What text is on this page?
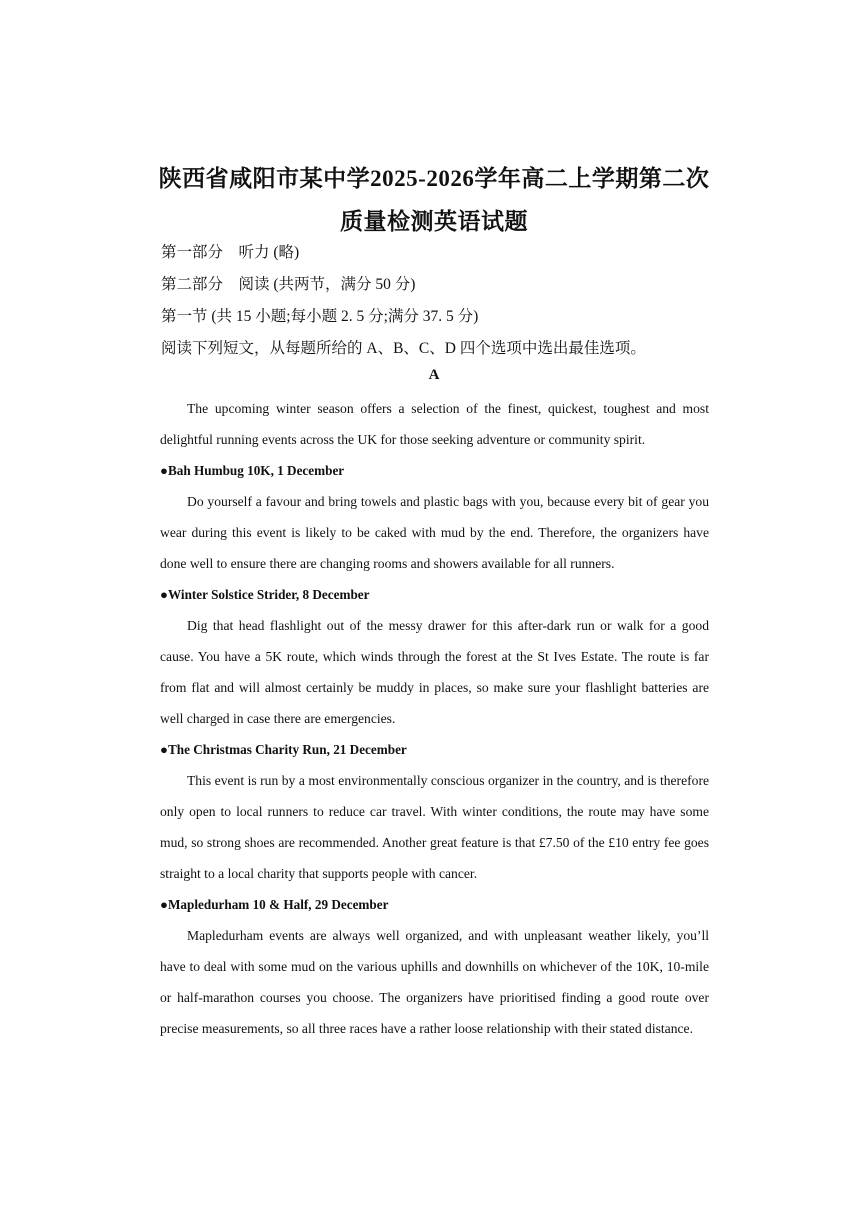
陕西省咸阳市某中学2025-2026学年高二上学期第二次
质量检测英语试题
第一部分　听力 (略)
第二部分　阅读 (共两节，满分 50 分)
第一节 (共 15 小题;每小题 2. 5 分;满分 37. 5 分)
阅读下列短文，从每题所给的 A、B、C、D 四个选项中选出最佳选项。
A

The upcoming winter season offers a selection of the finest, quickest, toughest and most delightful running events across the UK for those seeking adventure or community spirit.

●Bah Humbug 10K, 1 December

Do yourself a favour and bring towels and plastic bags with you, because every bit of gear you wear during this event is likely to be caked with mud by the end. Therefore, the organizers have done well to ensure there are changing rooms and showers available for all runners.

●Winter Solstice Strider, 8 December

Dig that head flashlight out of the messy drawer for this after-dark run or walk for a good cause. You have a 5K route, which winds through the forest at the St Ives Estate. The route is far from flat and will almost certainly be muddy in places, so make sure your flashlight batteries are well charged in case there are emergencies.

●The Christmas Charity Run, 21 December

This event is run by a most environmentally conscious organizer in the country, and is therefore only open to local runners to reduce car travel. With winter conditions, the route may have some mud, so strong shoes are recommended. Another great feature is that £7.50 of the £10 entry fee goes straight to a local charity that supports people with cancer.

●Mapledurham 10 & Half, 29 December

Mapledurham events are always well organized, and with unpleasant weather likely, you’ll have to deal with some mud on the various uphills and downhills on whichever of the 10K, 10-mile or half-marathon courses you choose. The organizers have prioritised finding a good route over precise measurements, so all three races have a rather loose relationship with their stated distance.
